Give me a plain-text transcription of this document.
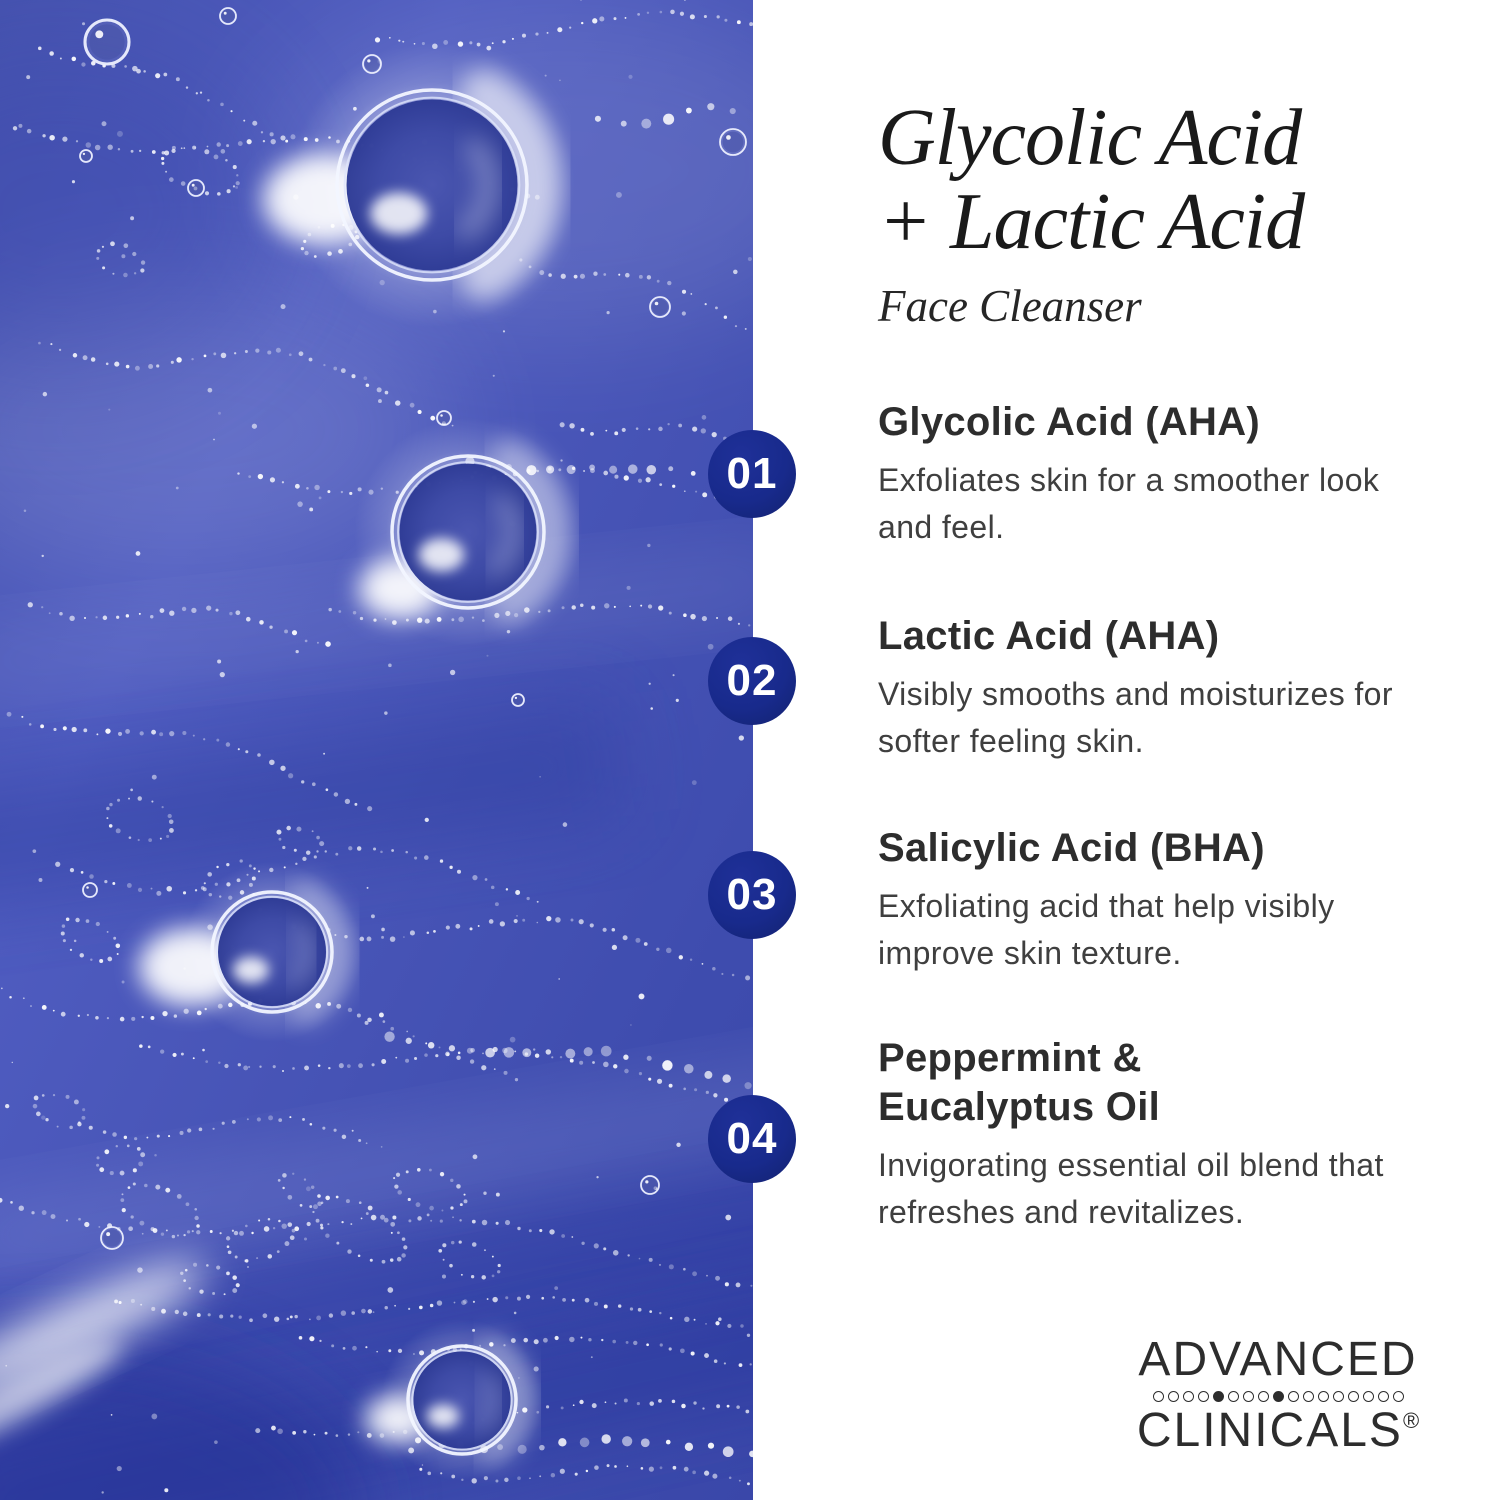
01
02
03
04
Glycolic Acid
+ Lactic Acid
Face Cleanser
Glycolic Acid (AHA)

Exfoliates skin for a smoother look and feel.

Lactic Acid (AHA)

Visibly smooths and moisturizes for softer feeling skin.

Salicylic Acid (BHA)

Exfoliating acid that help visibly improve skin texture.

Peppermint & Eucalyptus Oil

Invigorating essential oil blend that refreshes and revitalizes.

ADVANCED
CLINICALS®
